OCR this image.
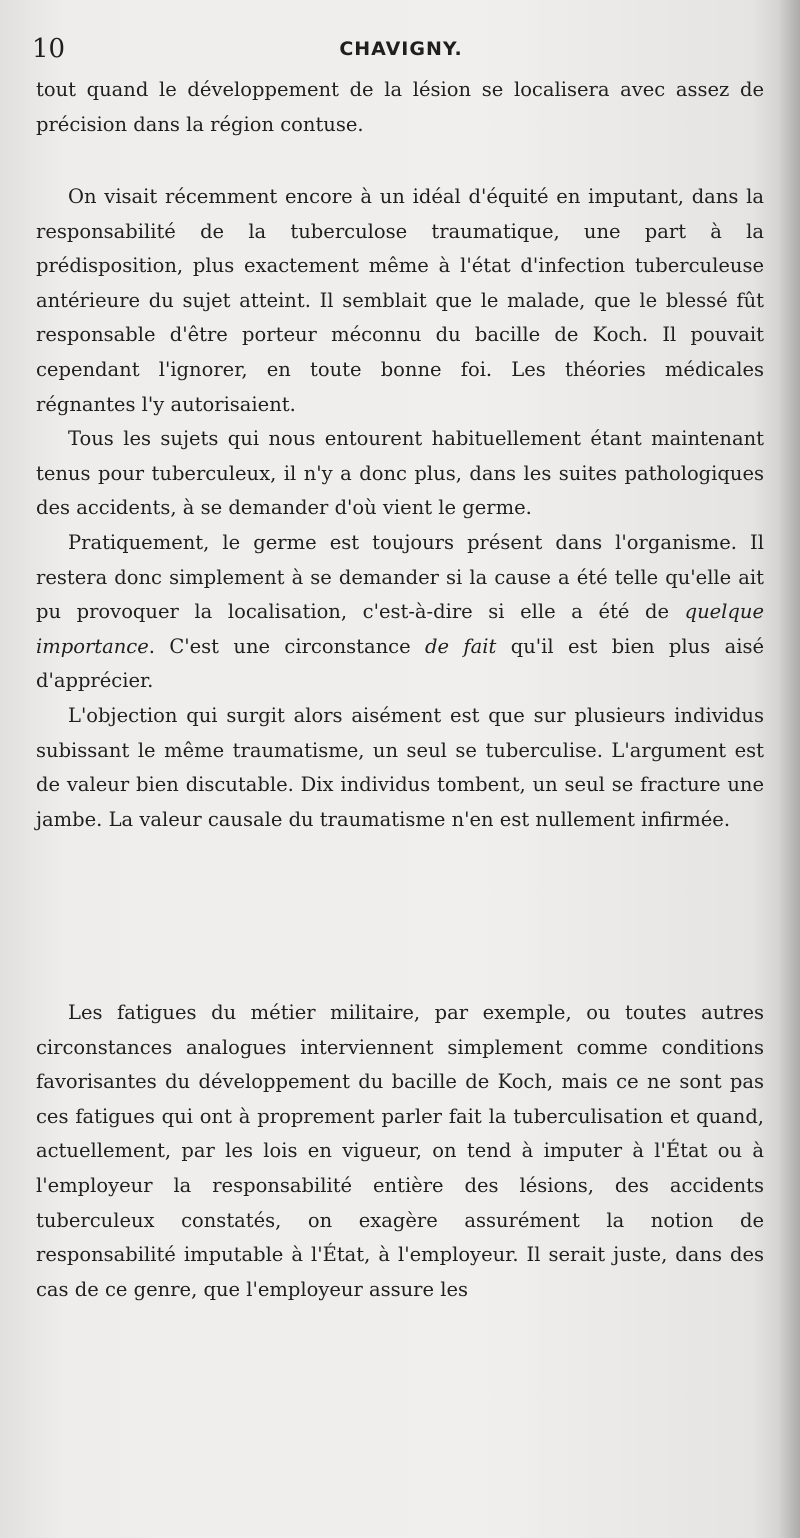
10	CHAVIGNY.

tout quand le développement de la lésion se localisera avec assez de précision dans la région contuse.

On visait récemment encore à un idéal d'équité en imputant, dans la responsabilité de la tuberculose traumatique, une part à la prédisposition, plus exactement même à l'état d'infection tuberculeuse antérieure du sujet atteint. Il semblait que le malade, que le blessé fût responsable d'être porteur méconnu du bacille de Koch. Il pouvait cependant l'ignorer, en toute bonne foi. Les théories médicales régnantes l'y autorisaient.

Tous les sujets qui nous entourent habituellement étant maintenant tenus pour tuberculeux, il n'y a donc plus, dans les suites pathologiques des accidents, à se demander d'où vient le germe.

Pratiquement, le germe est toujours présent dans l'organisme. Il restera donc simplement à se demander si la cause a été telle qu'elle ait pu provoquer la localisation, c'est-à-dire si elle a été de quelque importance. C'est une circonstance de fait qu'il est bien plus aisé d'apprécier.

L'objection qui surgit alors aisément est que sur plusieurs individus subissant le même traumatisme, un seul se tuberculise. L'argument est de valeur bien discutable. Dix individus tombent, un seul se fracture une jambe. La valeur causale du traumatisme n'en est nullement infirmée.

Les fatigues du métier militaire, par exemple, ou toutes autres circonstances analogues interviennent simplement comme conditions favorisantes du développement du bacille de Koch, mais ce ne sont pas ces fatigues qui ont à proprement parler fait la tuberculisation et quand, actuellement, par les lois en vigueur, on tend à imputer à l'État ou à l'employeur la responsabilité entière des lésions, des accidents tuberculeux constatés, on exagère assurément la notion de responsabilité imputable à l'État, à l'employeur. Il serait juste, dans des cas de ce genre, que l'employeur assure les
